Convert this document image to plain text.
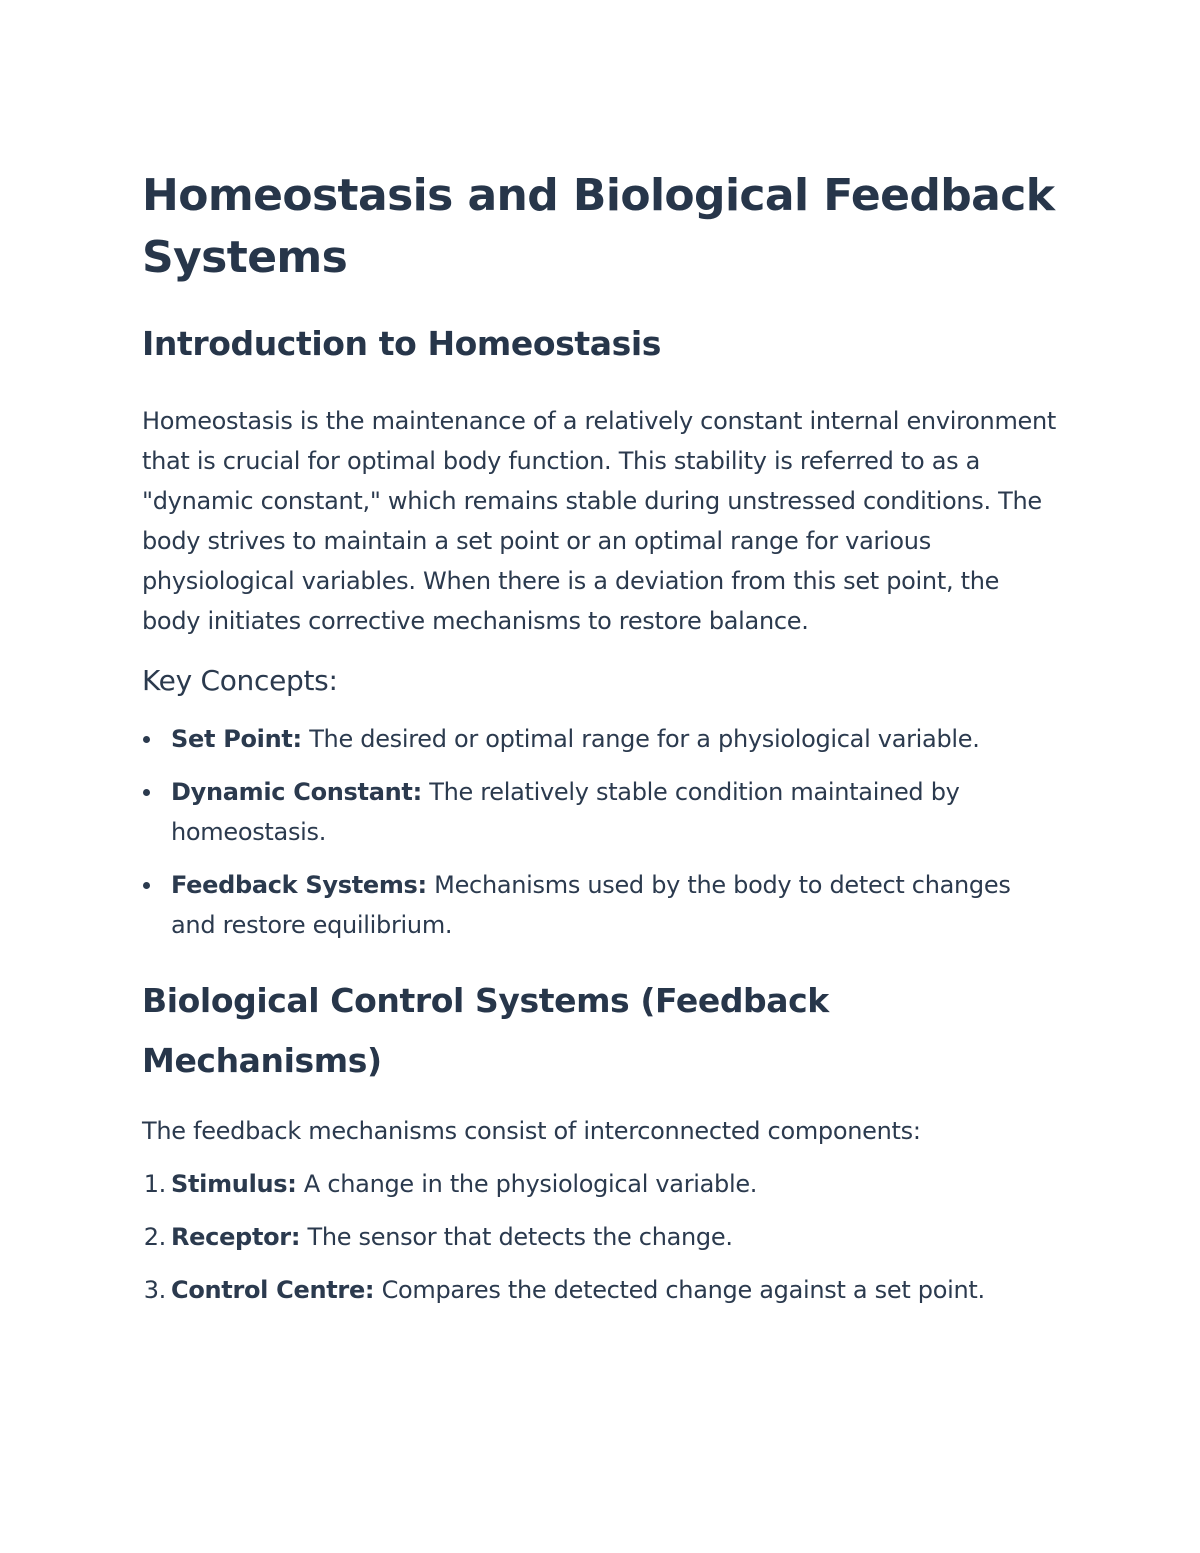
Homeostasis and Biological Feedback Systems
Introduction to Homeostasis

Homeostasis is the maintenance of a relatively constant internal environment that is crucial for optimal body function. This stability is referred to as a "dynamic constant," which remains stable during unstressed conditions. The body strives to maintain a set point or an optimal range for various physiological variables. When there is a deviation from this set point, the body initiates corrective mechanisms to restore balance.

Key Concepts:
Set Point: The desired or optimal range for a physiological variable.
Dynamic Constant: The relatively stable condition maintained by homeostasis.
Feedback Systems: Mechanisms used by the body to detect changes and restore equilibrium.
Biological Control Systems (Feedback Mechanisms)

The feedback mechanisms consist of interconnected components:

1. Stimulus: A change in the physiological variable.
2. Receptor: The sensor that detects the change.
3. Control Centre: Compares the detected change against a set point.
